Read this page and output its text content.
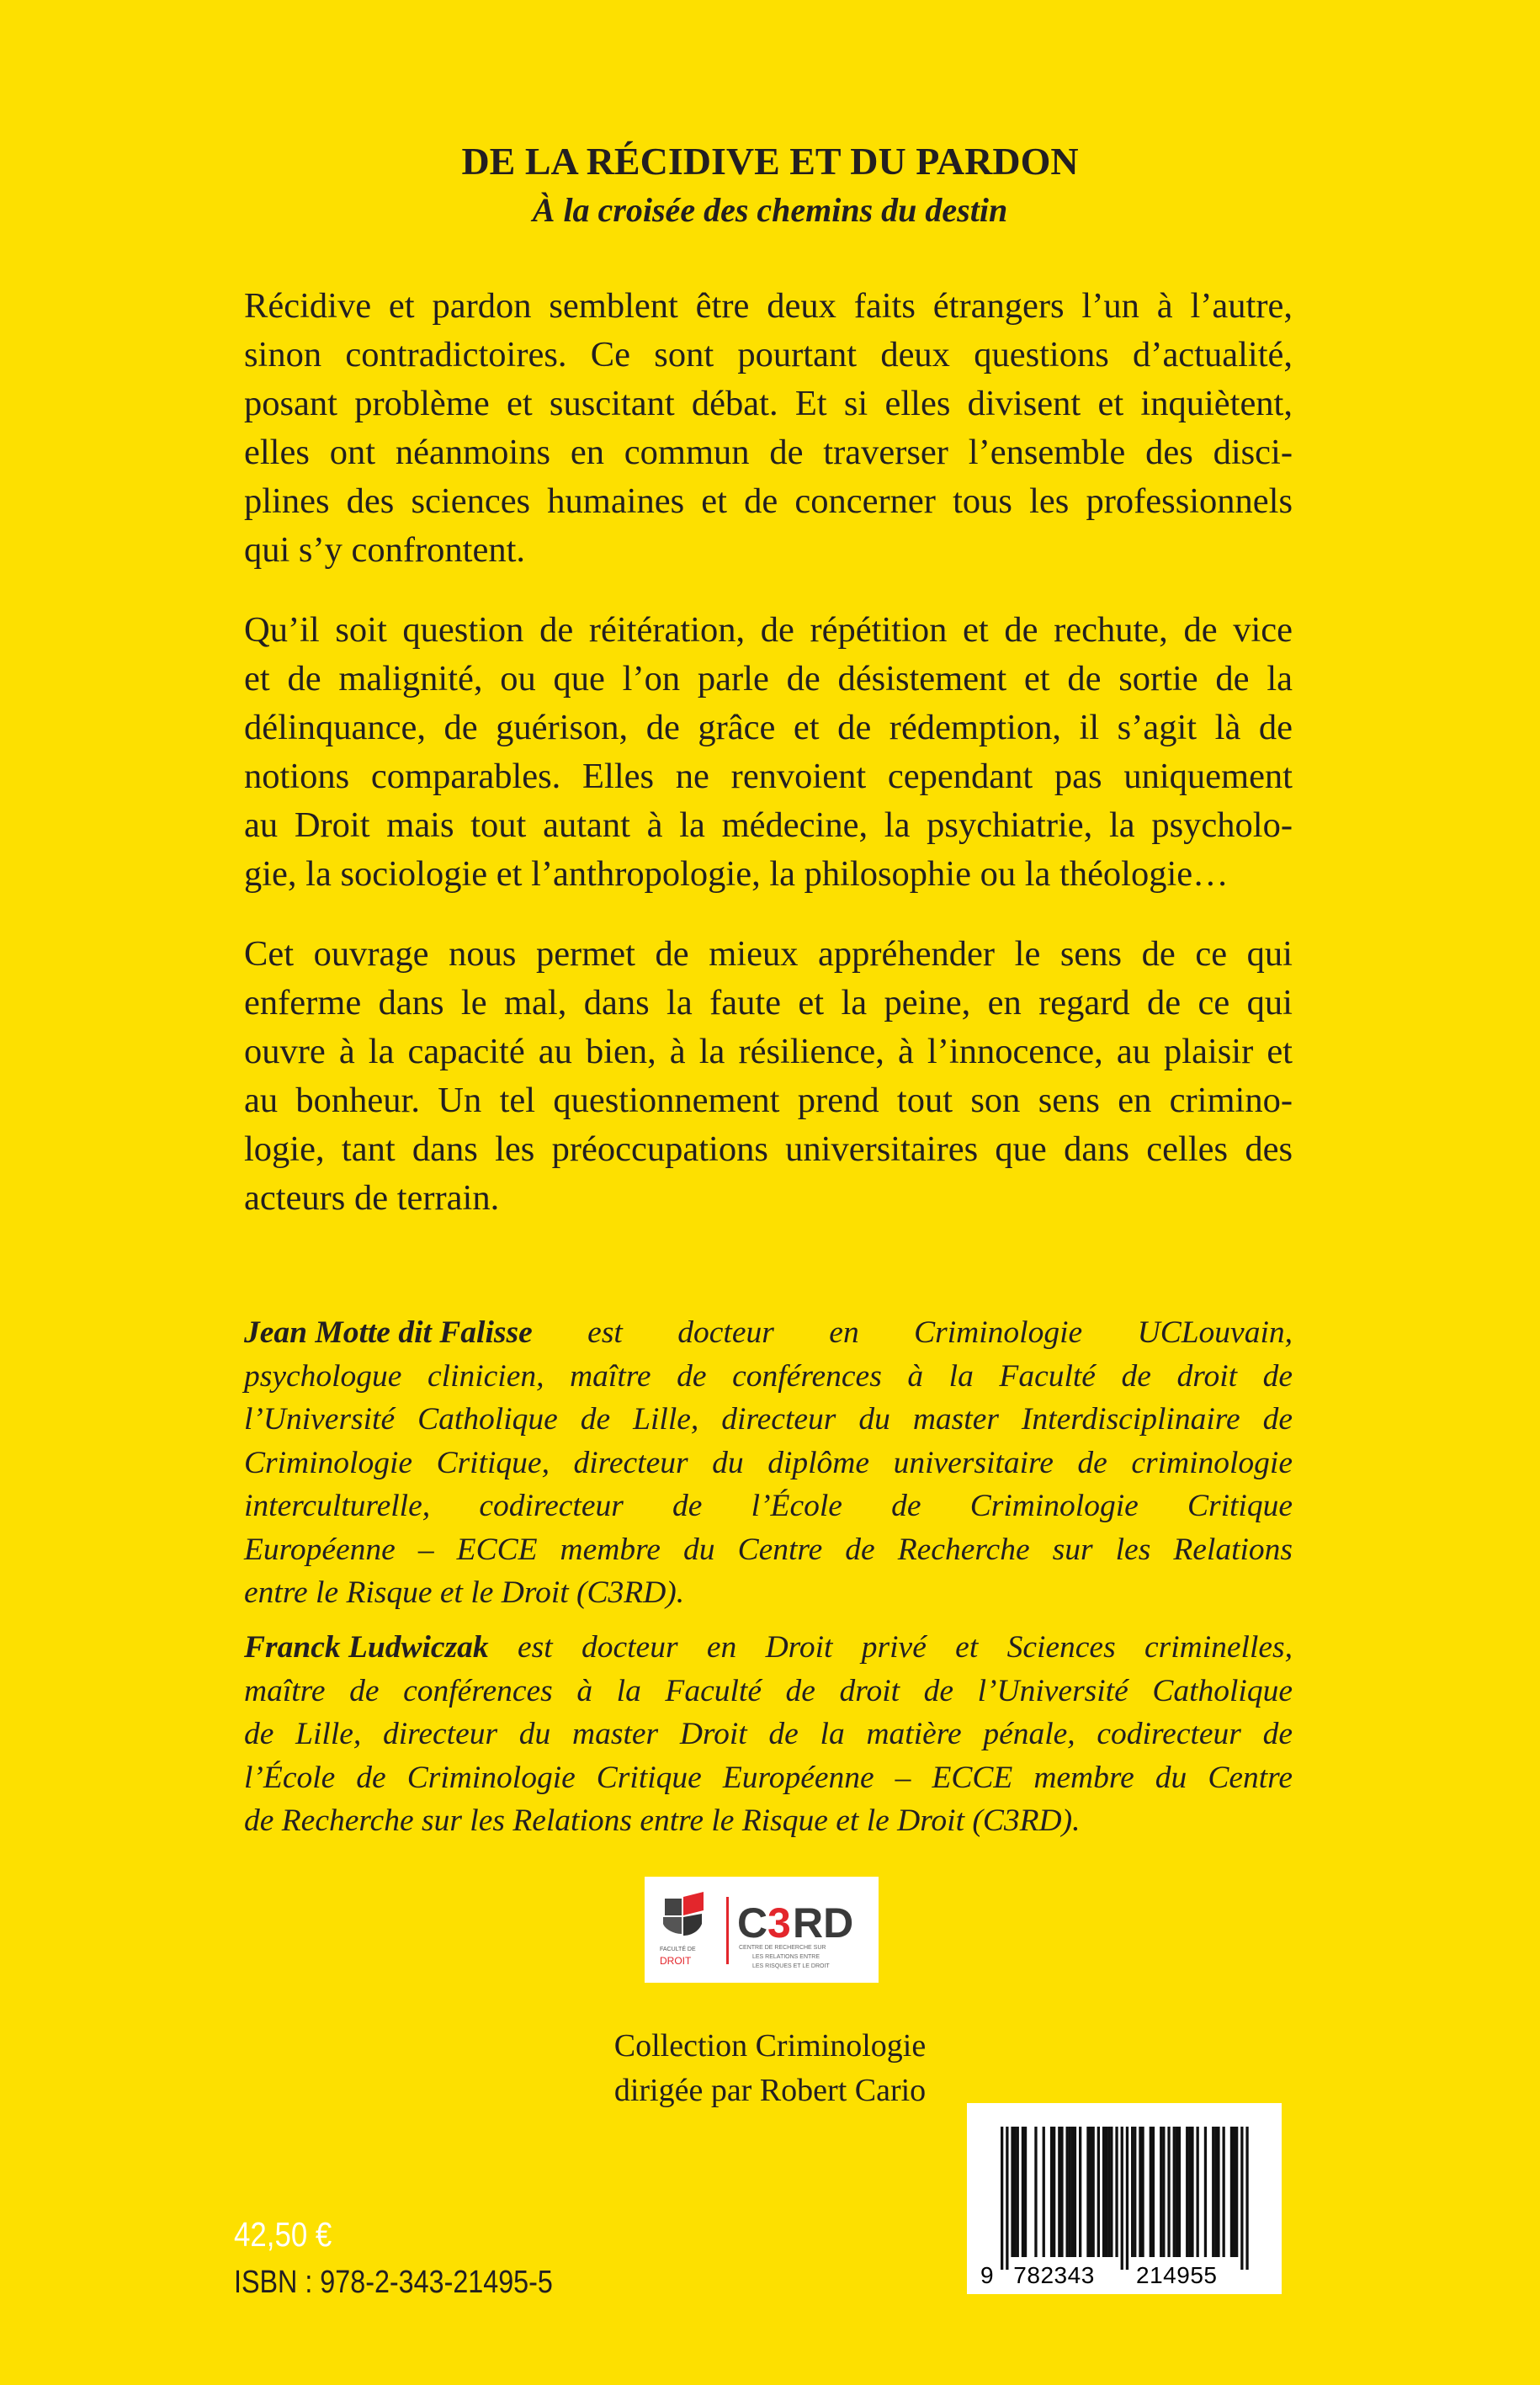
DE LA RÉCIDIVE ET DU PARDON
À la croisée des chemins du destin
Récidive et pardon semblent être deux faits étrangers l’un à l’autre,
sinon contradictoires. Ce sont pourtant deux questions d’actualité,
posant problème et suscitant débat. Et si elles divisent et inquiètent,
elles ont néanmoins en commun de traverser l’ensemble des disci-
plines des sciences humaines et de concerner tous les professionnels
qui s’y confrontent.
Qu’il soit question de réitération, de répétition et de rechute, de vice
et de malignité, ou que l’on parle de désistement et de sortie de la
délinquance, de guérison, de grâce et de rédemption, il s’agit là de
notions comparables. Elles ne renvoient cependant pas uniquement
au Droit mais tout autant à la médecine, la psychiatrie, la psycholo-
gie, la sociologie et l’anthropologie, la philosophie ou la théologie…
Cet ouvrage nous permet de mieux appréhender le sens de ce qui
enferme dans le mal, dans la faute et la peine, en regard de ce qui
ouvre à la capacité au bien, à la résilience, à l’innocence, au plaisir et
au bonheur. Un tel questionnement prend tout son sens en crimino-
logie, tant dans les préoccupations universitaires que dans celles des
acteurs de terrain.
Jean Motte dit Falisse est docteur en Criminologie UCLouvain,
psychologue clinicien, maître de conférences à la Faculté de droit de
l’Université Catholique de Lille, directeur du master Interdisciplinaire de
Criminologie Critique, directeur du diplôme universitaire de criminologie
interculturelle, codirecteur de l’École de Criminologie Critique
Européenne – ECCE membre du Centre de Recherche sur les Relations
entre le Risque et le Droit (C3RD).
Franck Ludwiczak est docteur en Droit privé et Sciences criminelles,
maître de conférences à la Faculté de droit de l’Université Catholique
de Lille, directeur du master Droit de la matière pénale, codirecteur de
l’École de Criminologie Critique Européenne – ECCE membre du Centre
de Recherche sur les Relations entre le Risque et le Droit (C3RD).
FACULTÉ DE
DROIT
C 3 RD
CENTRE DE RECHERCHE SUR
LES RELATIONS ENTRE
LES RISQUES ET LE DROIT
Collection Criminologie
dirigée par Robert Cario
42,50 €
ISBN : 978-2-343-21495-5	9 782343 214955
